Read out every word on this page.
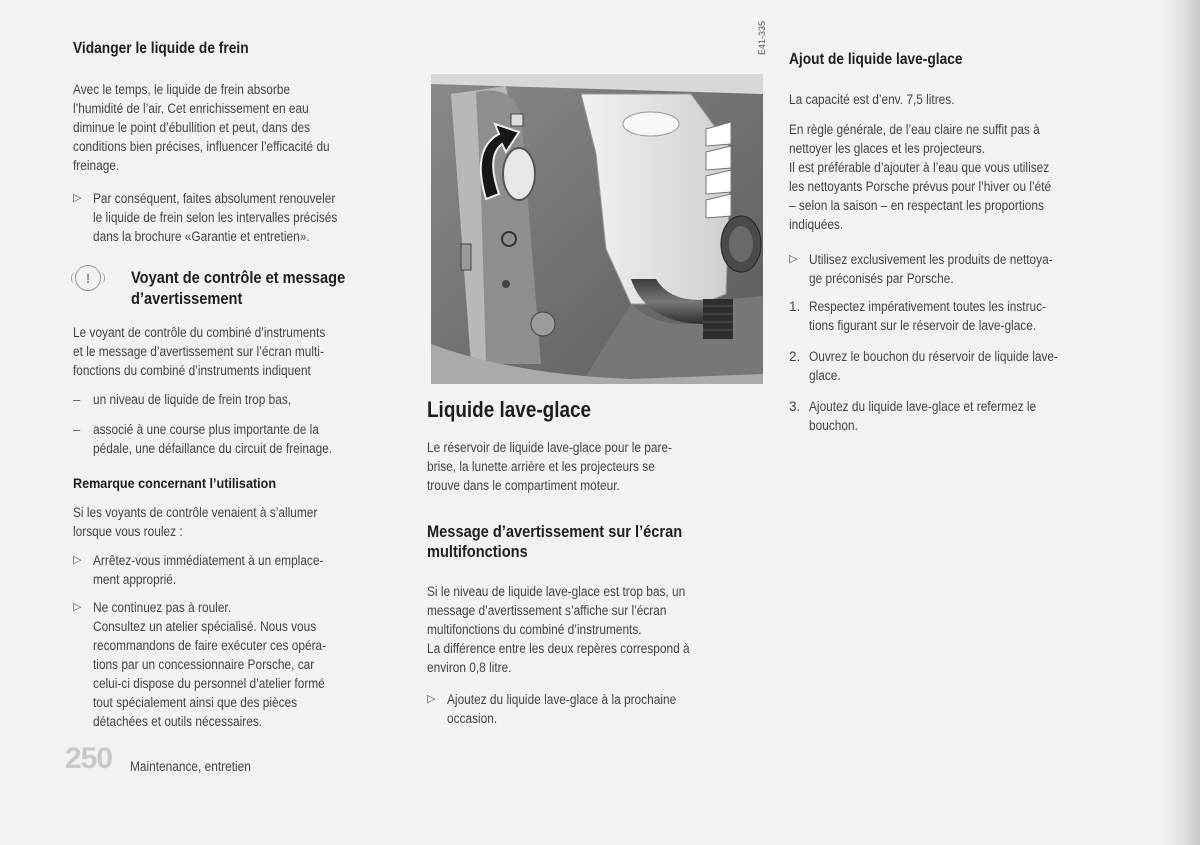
Vidanger le liquide de frein
Avec le temps, le liquide de frein absorbe
l’humidité de l’air. Cet enrichissement en eau
diminue le point d’ébullition et peut, dans des
conditions bien précises, influencer l’efficacité du
freinage.
▷ Par conséquent, faites absolument renouveler
le liquide de frein selon les intervalles précisés
dans la brochure «Garantie et entretien».
!	Voyant de contrôle et message
d’avertissement
Le voyant de contrôle du combiné d’instruments
et le message d’avertissement sur l’écran multi-
fonctions du combiné d’instruments indiquent
– un niveau de liquide de frein trop bas,
– associé à une course plus importante de la
pédale, une défaillance du circuit de freinage.
Remarque concernant l’utilisation
Si les voyants de contrôle venaient à s’allumer
lorsque vous roulez :
▷ Arrêtez-vous immédiatement à un emplace-
ment approprié.
▷ Ne continuez pas à rouler.
Consultez un atelier spécialisé. Nous vous
recommandons de faire exécuter ces opéra-
tions par un concessionnaire Porsche, car
celui-ci dispose du personnel d’atelier formé
tout spécialement ainsi que des pièces
détachées et outils nécessaires.
250 Maintenance, entretien
E41-335
Liquide lave-glace
Le réservoir de liquide lave-glace pour le pare-
brise, la lunette arrière et les projecteurs se
trouve dans le compartiment moteur.
Message d’avertissement sur l’écran
multifonctions
Si le niveau de liquide lave-glace est trop bas, un
message d’avertissement s’affiche sur l’écran
multifonctions du combiné d’instruments.
La différence entre les deux repères correspond à
environ 0,8 litre.
▷ Ajoutez du liquide lave-glace à la prochaine
occasion.
Ajout de liquide lave-glace
La capacité est d’env. 7,5 litres.
En règle générale, de l’eau claire ne suffit pas à
nettoyer les glaces et les projecteurs.
Il est préférable d’ajouter à l’eau que vous utilisez
les nettoyants Porsche prévus pour l’hiver ou l’été
– selon la saison – en respectant les proportions
indiquées.
▷ Utilisez exclusivement les produits de nettoya-
ge préconisés par Porsche.
1. Respectez impérativement toutes les instruc-
tions figurant sur le réservoir de lave-glace.
2. Ouvrez le bouchon du réservoir de liquide lave-
glace.
3. Ajoutez du liquide lave-glace et refermez le
bouchon.
